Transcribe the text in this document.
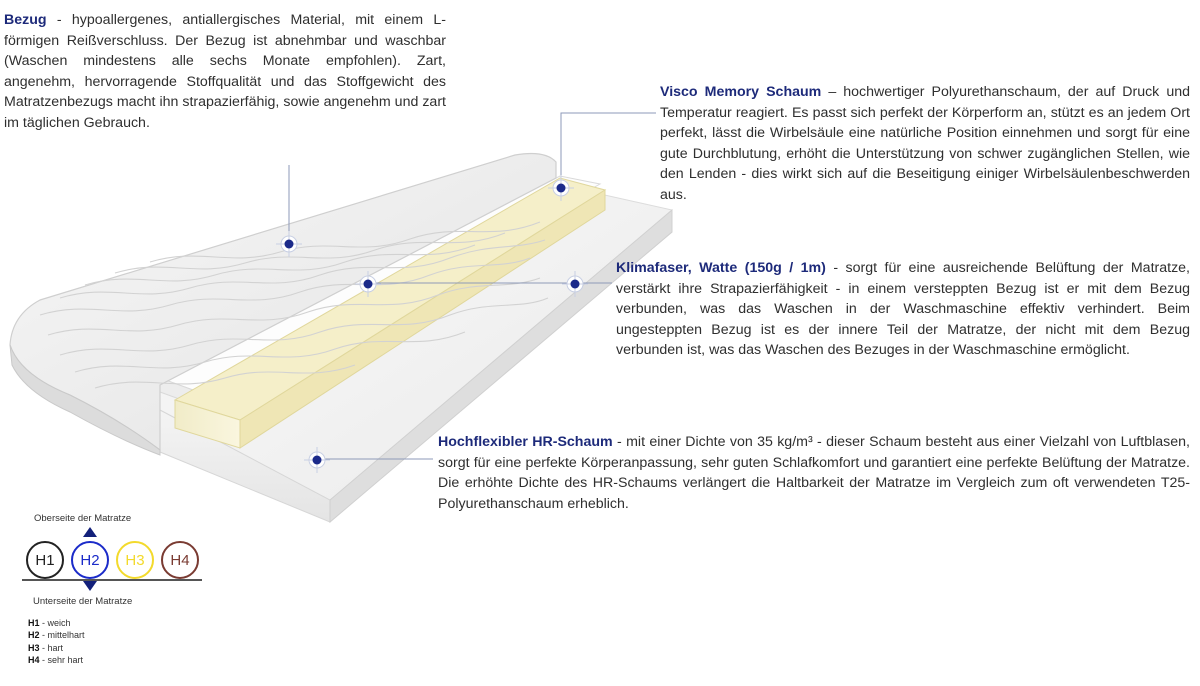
Bezug - hypoallergenes, antiallergisches Material, mit einem L-förmigen Reißverschluss. Der Bezug ist abnehmbar und waschbar (Waschen mindestens alle sechs Monate empfohlen). Zart, angenehm, hervorragende Stoffqualität und das Stoffgewicht des Matratzenbezugs macht ihn strapazierfähig, sowie angenehm und zart im täglichen Gebrauch.
Visco Memory Schaum – hochwertiger Polyurethanschaum, der auf Druck und Temperatur reagiert. Es passt sich perfekt der Körperform an, stützt es an jedem Ort perfekt, lässt die Wirbelsäule eine natürliche Position einnehmen und sorgt für eine gute Durchblutung, erhöht die Unterstützung von schwer zugänglichen Stellen, wie den Lenden - dies wirkt sich auf die Beseitigung einiger Wirbelsäulenbeschwerden aus.
Klimafaser, Watte (150g / 1m) - sorgt für eine ausreichende Belüftung der Matratze, verstärkt ihre Strapazierfähigkeit - in einem versteppten Bezug ist er mit dem Bezug verbunden, was das Waschen in der Waschmaschine effektiv verhindert. Beim ungesteppten Bezug ist es der innere Teil der Matratze, der nicht mit dem Bezug verbunden ist, was das Waschen des Bezuges in der Waschmaschine ermöglicht.
Hochflexibler HR-Schaum - mit einer Dichte von 35 kg/m³ - dieser Schaum besteht aus einer Vielzahl von Luftblasen, sorgt für eine perfekte Körperanpassung, sehr guten Schlafkomfort und garantiert eine perfekte Belüftung der Matratze. Die erhöhte Dichte des HR-Schaums verlängert die Haltbarkeit der Matratze im Vergleich zum oft verwendeten T25-Polyurethanschaum erheblich.
Oberseite der Matratze
H1	H2	H3	H4
Unterseite der Matratze
H1 - weich
H2 - mittelhart
H3 - hart
H4 - sehr hart
